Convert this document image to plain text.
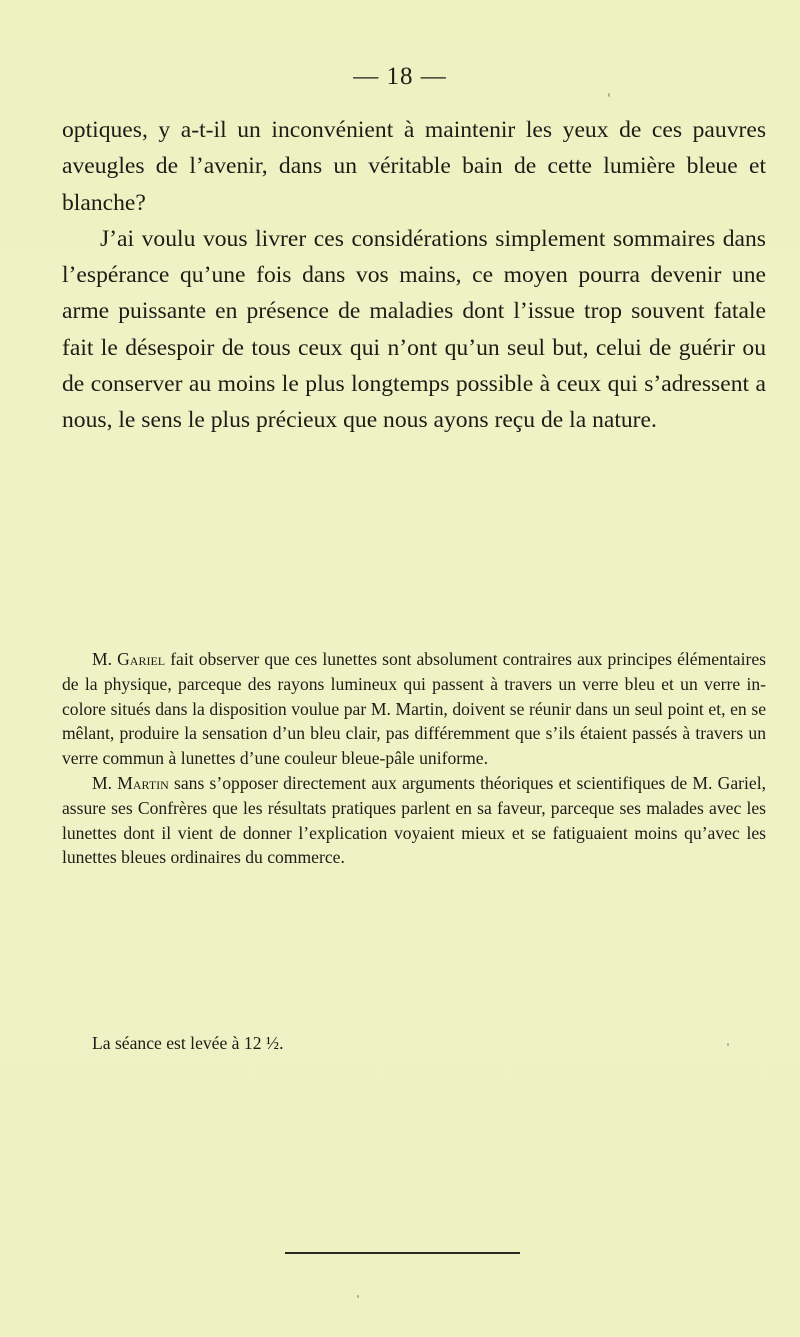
— 18 —

optiques, y a-t-il un inconvénient à maintenir les yeux de ces pauvres aveugles de l’avenir, dans un véritable bain de cette lumière bleue et blanche?

J’ai voulu vous livrer ces considérations simplement sommaires dans l’espérance qu’une fois dans vos mains, ce moyen pourra devenir une arme puissante en présence de maladies dont l’issue trop souvent fatale fait le désespoir de tous ceux qui n’ont qu’un seul but, celui de guérir ou de conserver au moins le plus longtemps possible à ceux qui s’adressent a nous, le sens le plus précieux que nous ayons reçu de la nature.

M. Gariel fait observer que ces lunettes sont absolument contraires aux principes élémentaires de la physique, parceque des rayons lumineux qui passent à travers un verre bleu et un verre in-colore situés dans la disposition voulue par M. Martin, doivent se réunir dans un seul point et, en se mêlant, produire la sensation d’un bleu clair, pas différemment que s’ils étaient passés à travers un verre commun à lunettes d’une couleur bleue-pâle uniforme.

M. Martin sans s’opposer directement aux arguments théoriques et scientifiques de M. Gariel, assure ses Confrères que les résultats pratiques parlent en sa faveur, parceque ses malades avec les lunettes dont il vient de donner l’explication voyaient mieux et se fatiguaient moins qu’avec les lunettes bleues ordinaires du commerce.

La séance est levée à 12 ½.
